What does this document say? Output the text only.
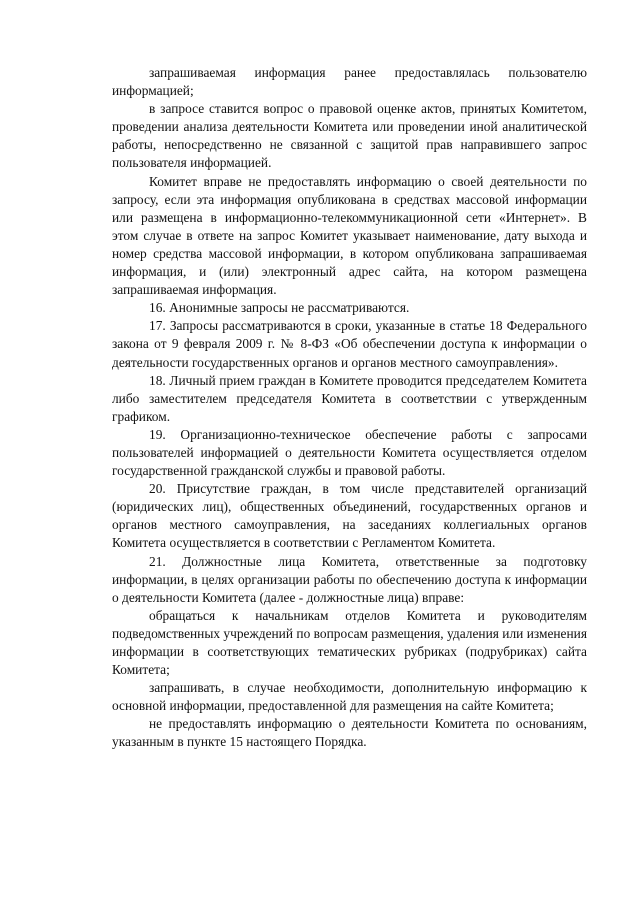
запрашиваемая информация ранее предоставлялась пользователю информацией;

в запросе ставится вопрос о правовой оценке актов, принятых Комитетом, проведении анализа деятельности Комитета или проведении иной аналитической работы, непосредственно не связанной с защитой прав направившего запрос пользователя информацией.

Комитет вправе не предоставлять информацию о своей деятельности по запросу, если эта информация опубликована в средствах массовой информации или размещена в информационно-телекоммуникационной сети «Интернет». В этом случае в ответе на запрос Комитет указывает наименование, дату выхода и номер средства массовой информации, в котором опубликована запрашиваемая информация, и (или) электронный адрес сайта, на котором размещена запрашиваемая информация.

16. Анонимные запросы не рассматриваются.

17. Запросы рассматриваются в сроки, указанные в статье 18 Федерального закона от 9 февраля 2009 г. № 8-ФЗ «Об обеспечении доступа к информации о деятельности государственных органов и органов местного самоуправления».

18. Личный прием граждан в Комитете проводится председателем Комитета либо заместителем председателя Комитета в соответствии с утвержденным графиком.

19. Организационно-техническое обеспечение работы с запросами пользователей информацией о деятельности Комитета осуществляется отделом государственной гражданской службы и правовой работы.

20. Присутствие граждан, в том числе представителей организаций (юридических лиц), общественных объединений, государственных органов и органов местного самоуправления, на заседаниях коллегиальных органов Комитета осуществляется в соответствии с Регламентом Комитета.

21. Должностные лица Комитета, ответственные за подготовку информации, в целях организации работы по обеспечению доступа к информации о деятельности Комитета (далее - должностные лица) вправе:

обращаться к начальникам отделов Комитета и руководителям подведомственных учреждений по вопросам размещения, удаления или изменения информации в соответствующих тематических рубриках (подрубриках) сайта Комитета;

запрашивать, в случае необходимости, дополнительную информацию к основной информации, предоставленной для размещения на сайте Комитета;

не предоставлять информацию о деятельности Комитета по основаниям, указанным в пункте 15 настоящего Порядка.
